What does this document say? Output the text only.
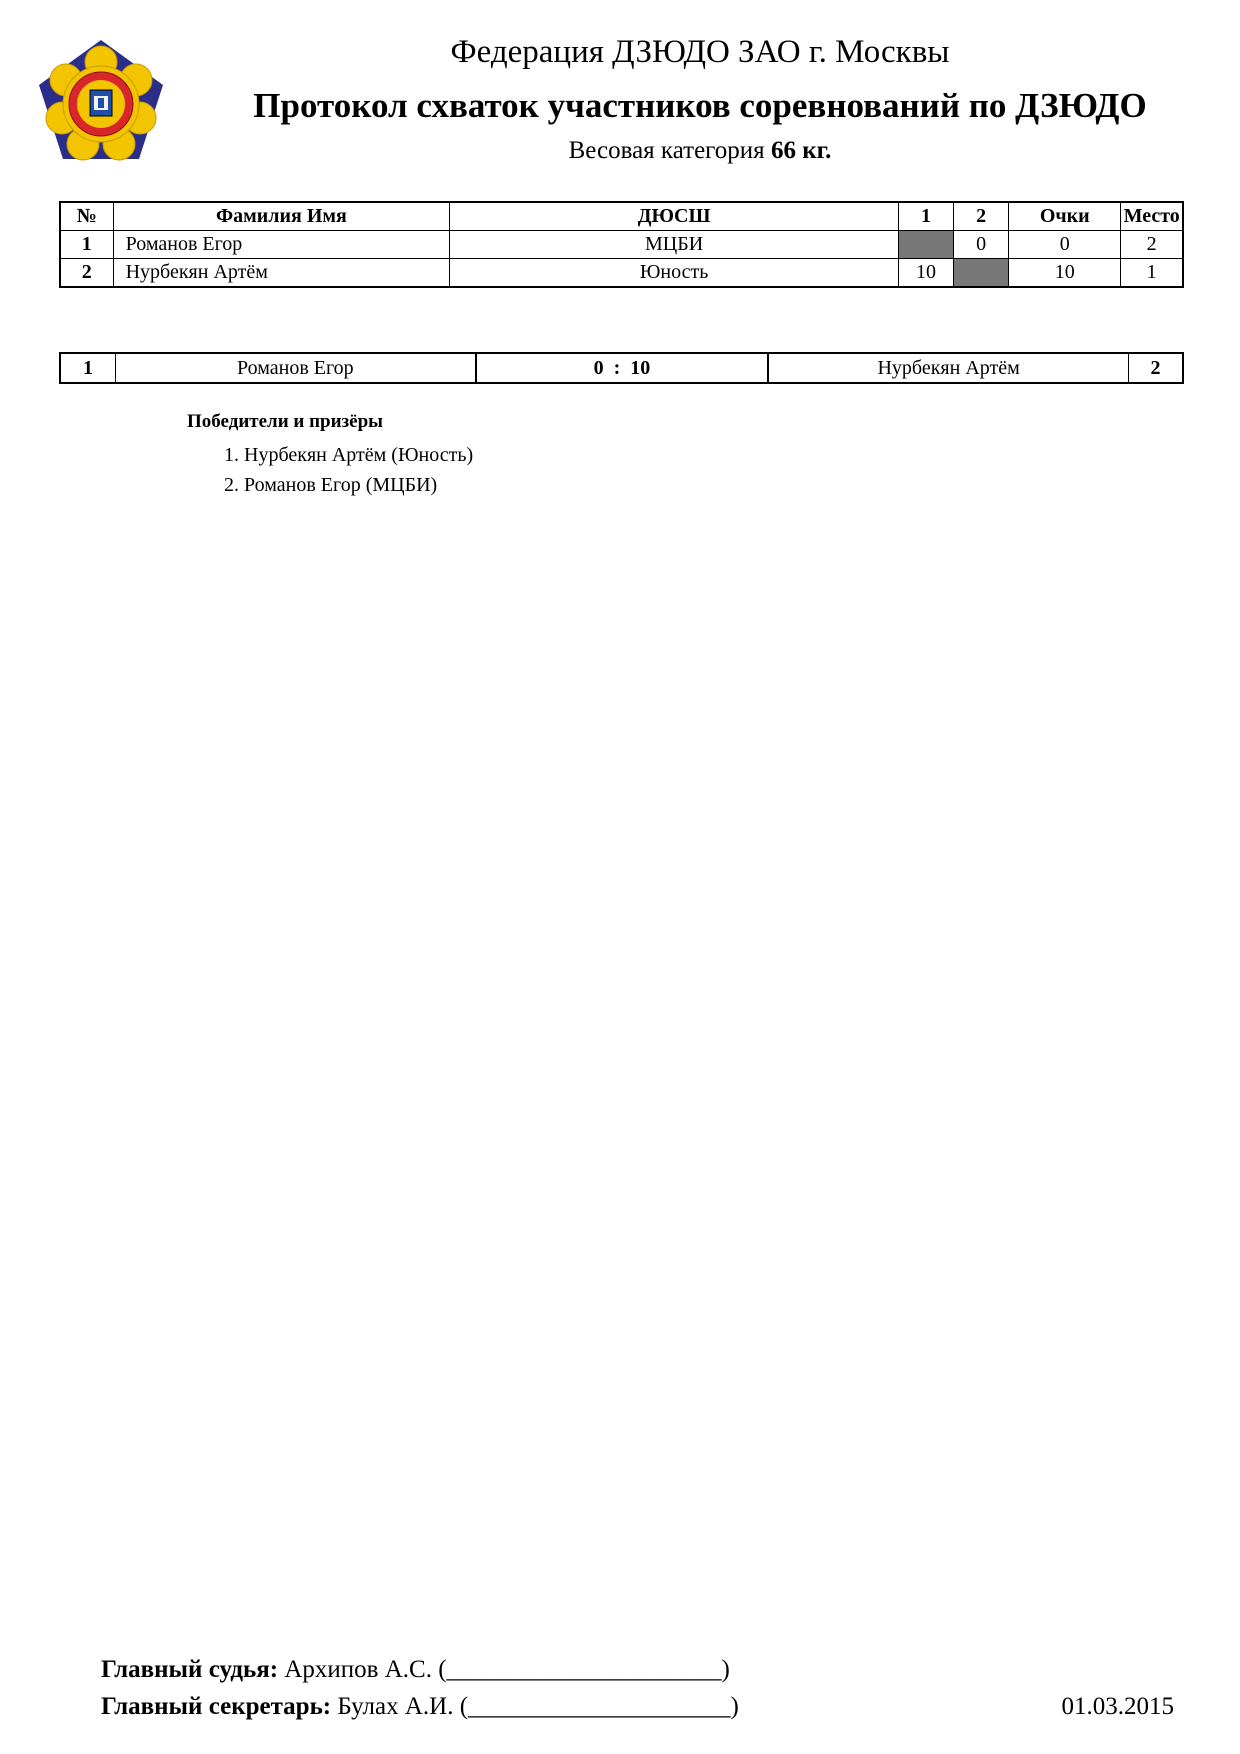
Федерация ДЗЮДО ЗАО г. Москвы
Протокол схваток участников соревнований по ДЗЮДО
Весовая категория 66 кг.
№	Фамилия Имя	ДЮСШ	1	2	Очки	Место
1	Романов Егор	МЦБИ		0	0	2
2	Нурбекян Артём	Юность	10		10	1
1	Романов Егор	0  :  10	Нурбекян Артём	2
Победители и призёры
1. Нурбекян Артём (Юность)
2. Романов Егор (МЦБИ)
Главный судья: Архипов А.С. (______________________)
Главный секретарь: Булах А.И. (_____________________)	01.03.2015
